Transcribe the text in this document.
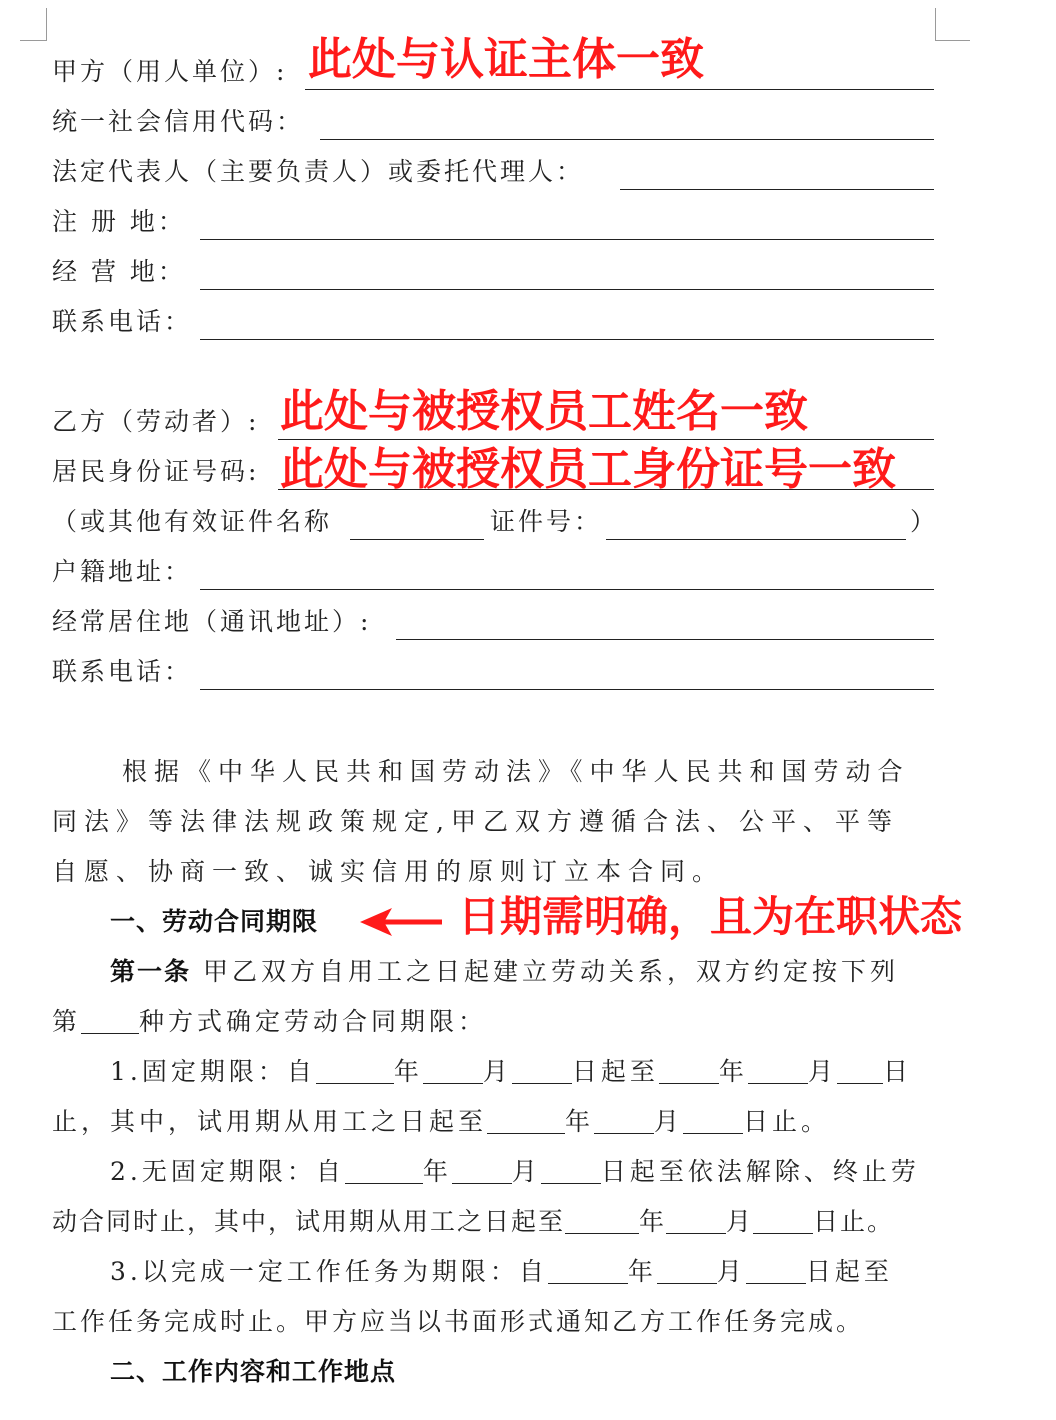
甲方（用人单位）: 此处与认证主体一致
统一社会信用代码：
法定代表人（主要负责人）或委托代理人：
注 册 地：
经 营 地：
联系电话：
乙方（劳动者）: 此处与被授权员工姓名一致
居民身份证号码: 此处与被授权员工身份证号一致
（或其他有效证件名称	证件号：	）
户籍地址：
经常居住地（通讯地址）:
联系电话：
根据《中华人民共和国劳动法》《中华人民共和国劳动合
同法》等法律法规政策规定,甲乙双方遵循合法、公平、平等
自愿、协商一致、诚实信用的原则订立本合同。
一、劳动合同期限	日期需明确，且为在职状态
第一条 甲乙双方自用工之日起建立劳动关系，双方约定按下列
第 种方式确定劳动合同期限：
1.固定期限：自	年 月 日起至 年 月 日
止，其中，试用期从用工之日起至	年 月 日止。
2.无固定期限：自	年 月 日起至依法解除、终止劳
动合同时止，其中，试用期从用工之日起至	年 月 日止。
3.以完成一定工作任务为期限：自	年 月 日起至
工作任务完成时止。甲方应当以书面形式通知乙方工作任务完成。
二、工作内容和工作地点
